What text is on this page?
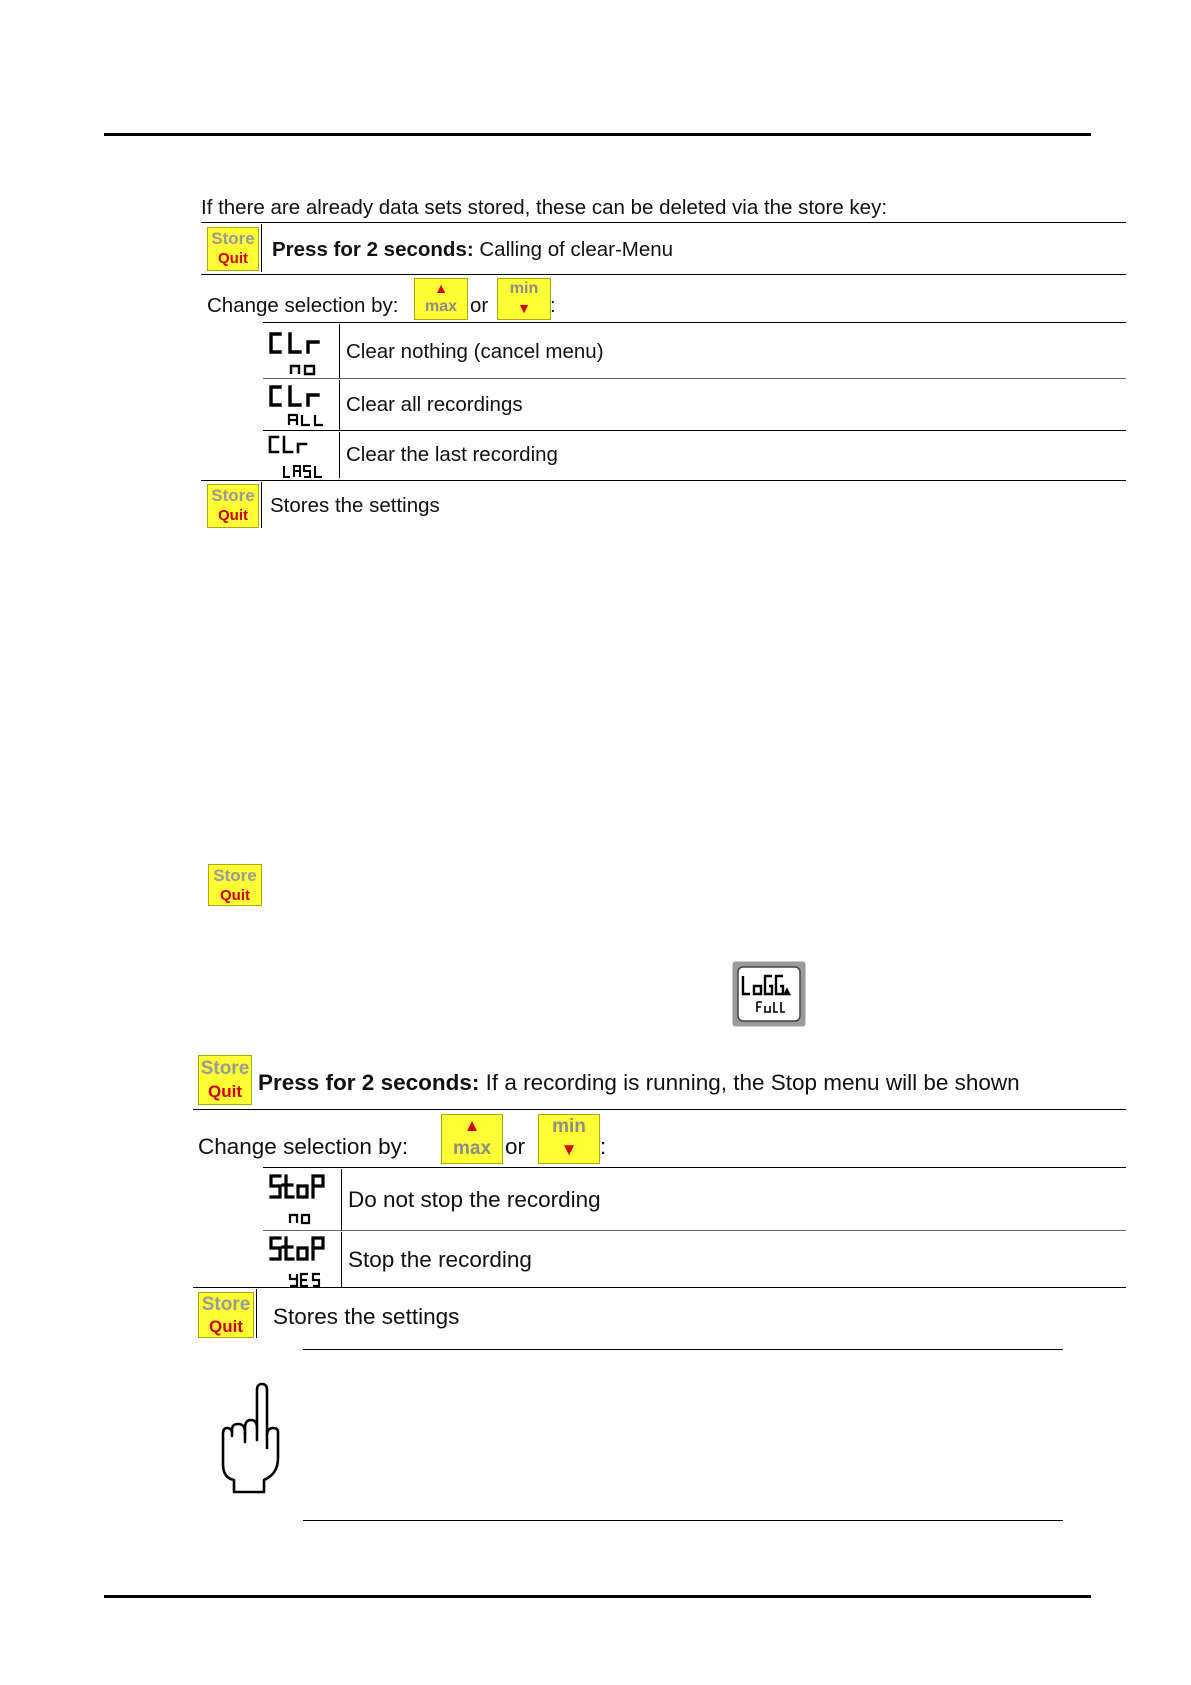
If there are already data sets stored, these can be deleted via the store key:
Store
Quit	Press for 2 seconds: Calling of clear-Menu
Change selection by:
▲
max or
min
▼ :
Clear nothing (cancel menu)
Clear all recordings
Clear the last recording
Store
Quit	Stores the settings
Store
Quit
Store
Quit Press for 2 seconds: If a recording is running, the Stop menu will be shown
Change selection by:
▲
max or
min
▼	:
Do not stop the recording
Stop the recording
Store
Quit	Stores the settings
